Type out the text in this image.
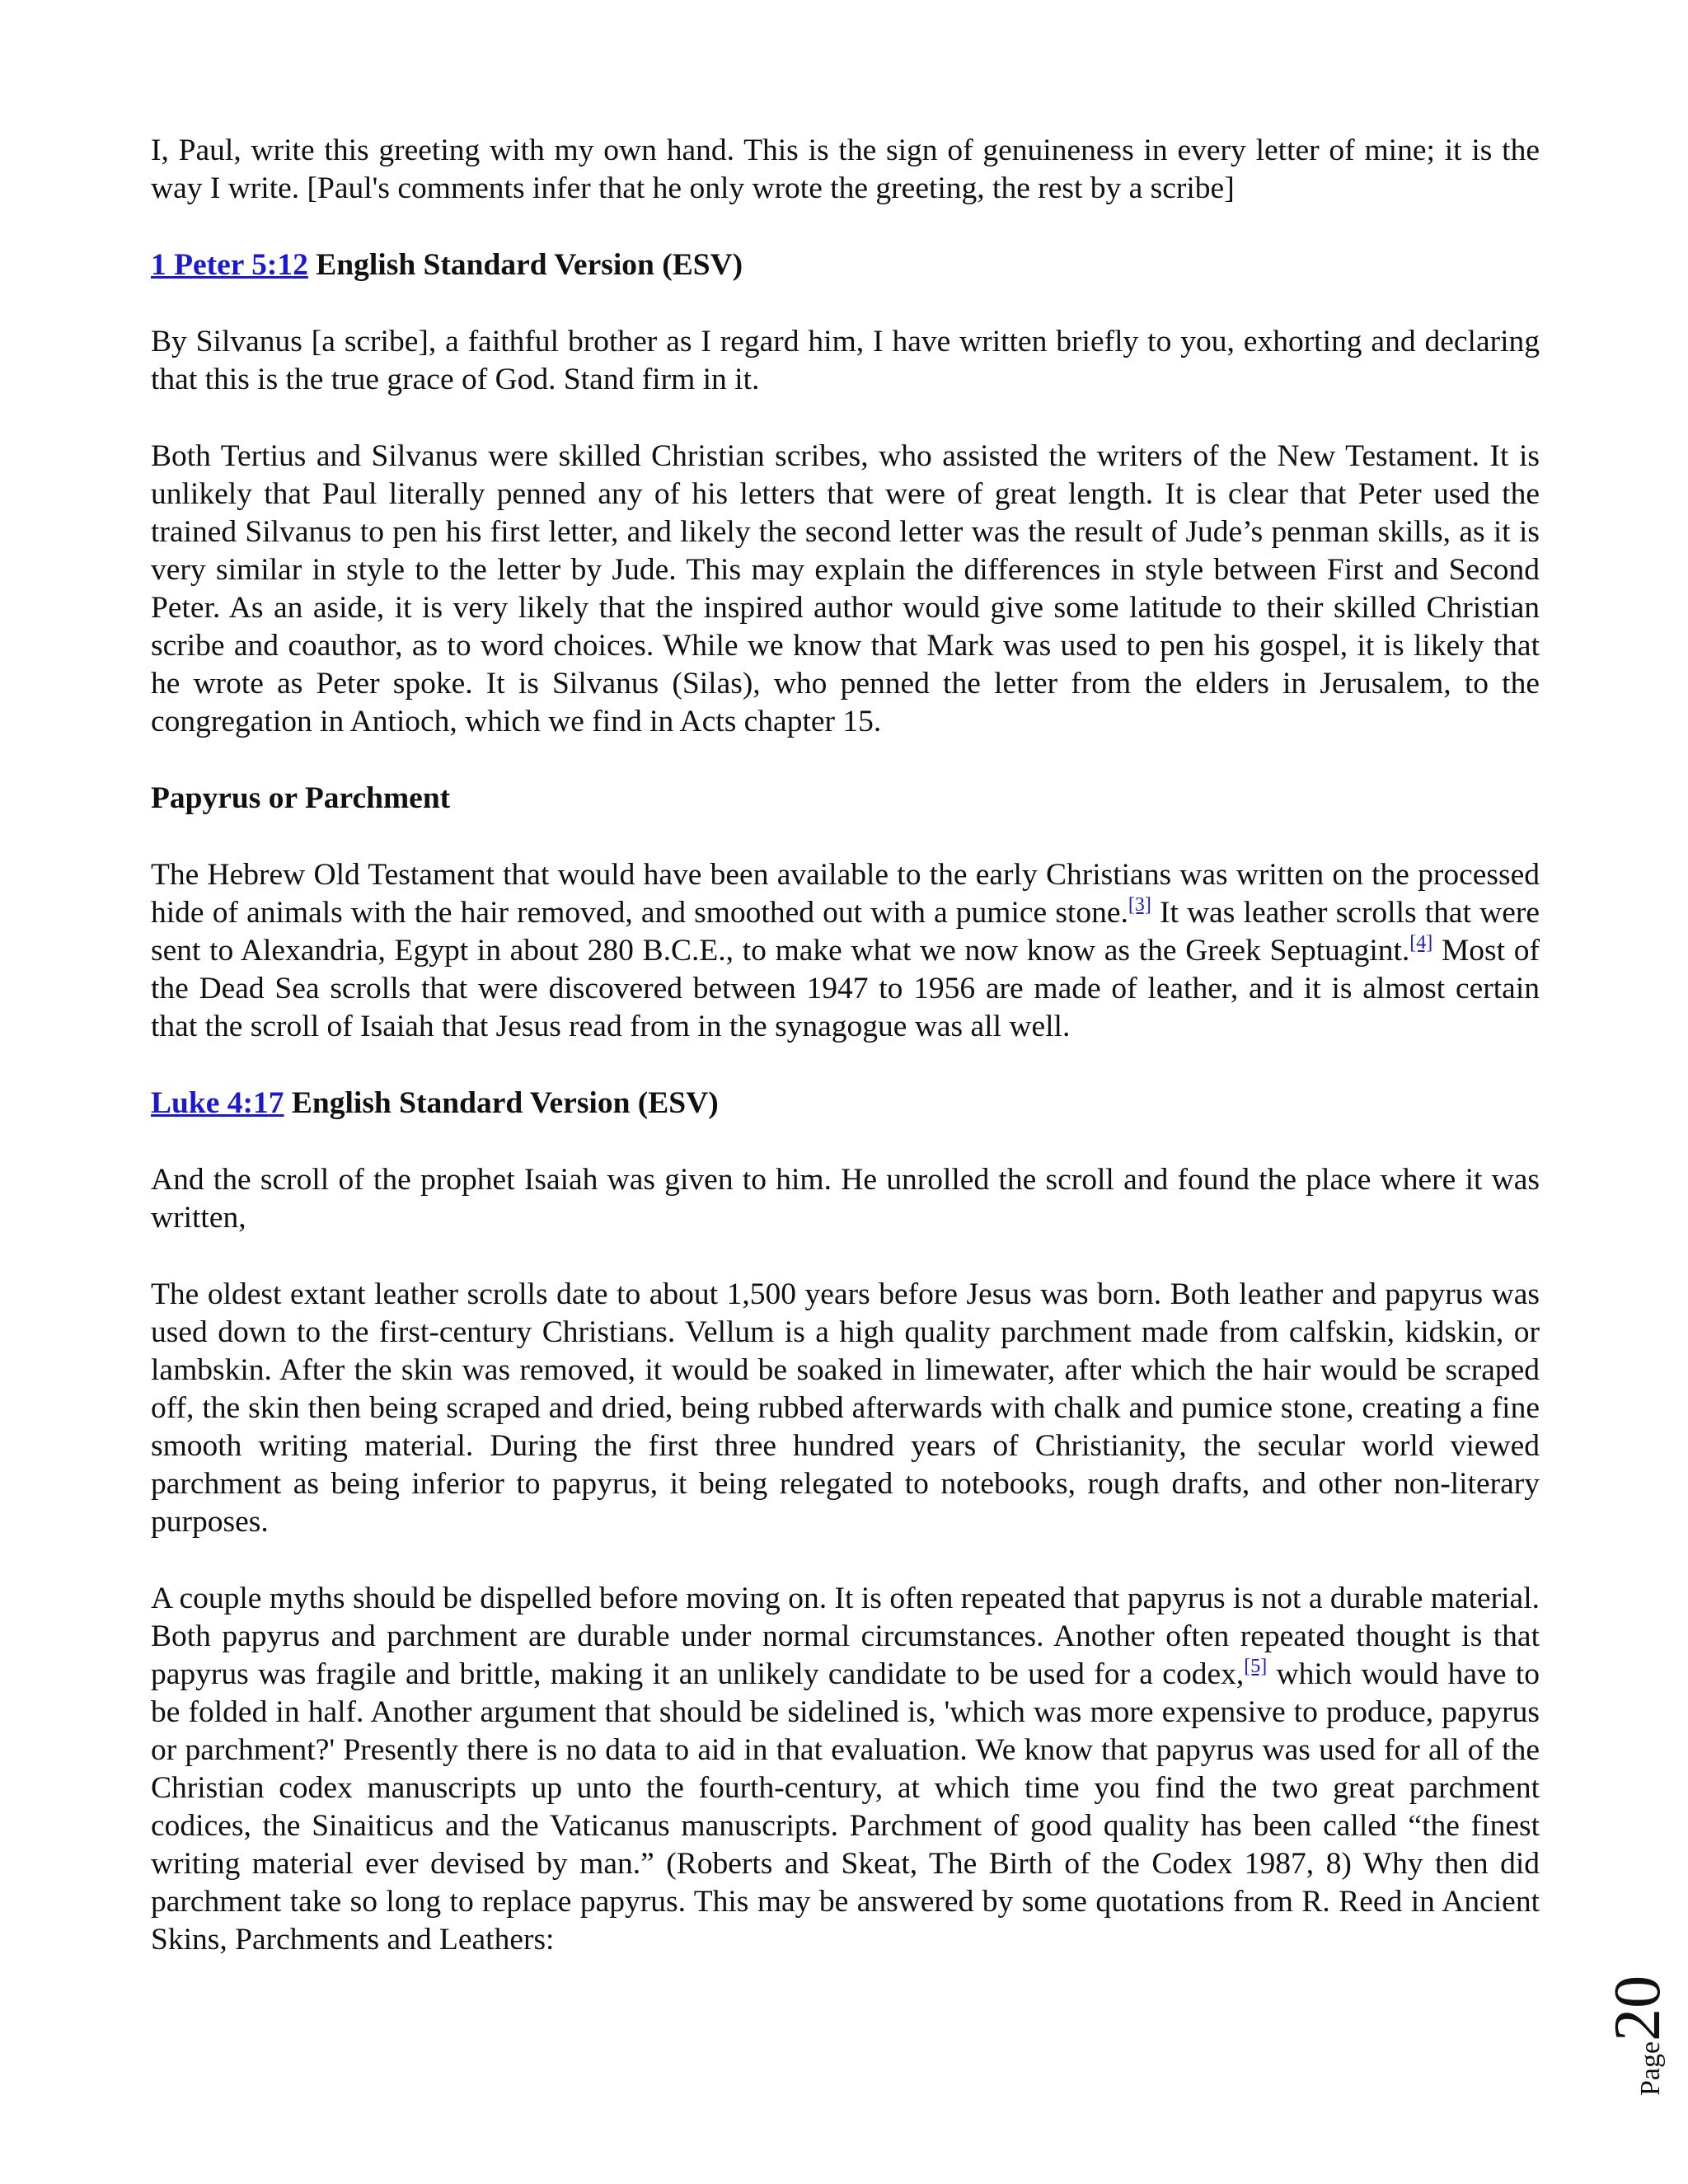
I, Paul, write this greeting with my own hand. This is the sign of genuineness in every letter of mine; it is the way I write. [Paul's comments infer that he only wrote the greeting, the rest by a scribe]

1 Peter 5:12 English Standard Version (ESV)

By Silvanus [a scribe], a faithful brother as I regard him, I have written briefly to you, exhorting and declaring that this is the true grace of God. Stand firm in it.

Both Tertius and Silvanus were skilled Christian scribes, who assisted the writers of the New Testament. It is unlikely that Paul literally penned any of his letters that were of great length. It is clear that Peter used the trained Silvanus to pen his first letter, and likely the second letter was the result of Jude’s penman skills, as it is very similar in style to the letter by Jude. This may explain the differences in style between First and Second Peter. As an aside, it is very likely that the inspired author would give some latitude to their skilled Christian scribe and coauthor, as to word choices. While we know that Mark was used to pen his gospel, it is likely that he wrote as Peter spoke. It is Silvanus (Silas), who penned the letter from the elders in Jerusalem, to the congregation in Antioch, which we find in Acts chapter 15.

Papyrus or Parchment

The Hebrew Old Testament that would have been available to the early Christians was written on the processed hide of animals with the hair removed, and smoothed out with a pumice stone.[3] It was leather scrolls that were sent to Alexandria, Egypt in about 280 B.C.E., to make what we now know as the Greek Septuagint.[4] Most of the Dead Sea scrolls that were discovered between 1947 to 1956 are made of leather, and it is almost certain that the scroll of Isaiah that Jesus read from in the synagogue was all well.

Luke 4:17 English Standard Version (ESV)

And the scroll of the prophet Isaiah was given to him. He unrolled the scroll and found the place where it was written,

The oldest extant leather scrolls date to about 1,500 years before Jesus was born. Both leather and papyrus was used down to the first-century Christians. Vellum is a high quality parchment made from calfskin, kidskin, or lambskin. After the skin was removed, it would be soaked in limewater, after which the hair would be scraped off, the skin then being scraped and dried, being rubbed afterwards with chalk and pumice stone, creating a fine smooth writing material. During the first three hundred years of Christianity, the secular world viewed parchment as being inferior to papyrus, it being relegated to notebooks, rough drafts, and other non-literary purposes.

A couple myths should be dispelled before moving on. It is often repeated that papyrus is not a durable material. Both papyrus and parchment are durable under normal circumstances. Another often repeated thought is that papyrus was fragile and brittle, making it an unlikely candidate to be used for a codex,[5] which would have to be folded in half. Another argument that should be sidelined is, 'which was more expensive to produce, papyrus or parchment?' Presently there is no data to aid in that evaluation. We know that papyrus was used for all of the Christian codex manuscripts up unto the fourth-century, at which time you find the two great parchment codices, the Sinaiticus and the Vaticanus manuscripts. Parchment of good quality has been called “the finest writing material ever devised by man.” (Roberts and Skeat, The Birth of the Codex 1987, 8) Why then did parchment take so long to replace papyrus. This may be answered by some quotations from R. Reed in Ancient Skins, Parchments and Leathers:

Page20
